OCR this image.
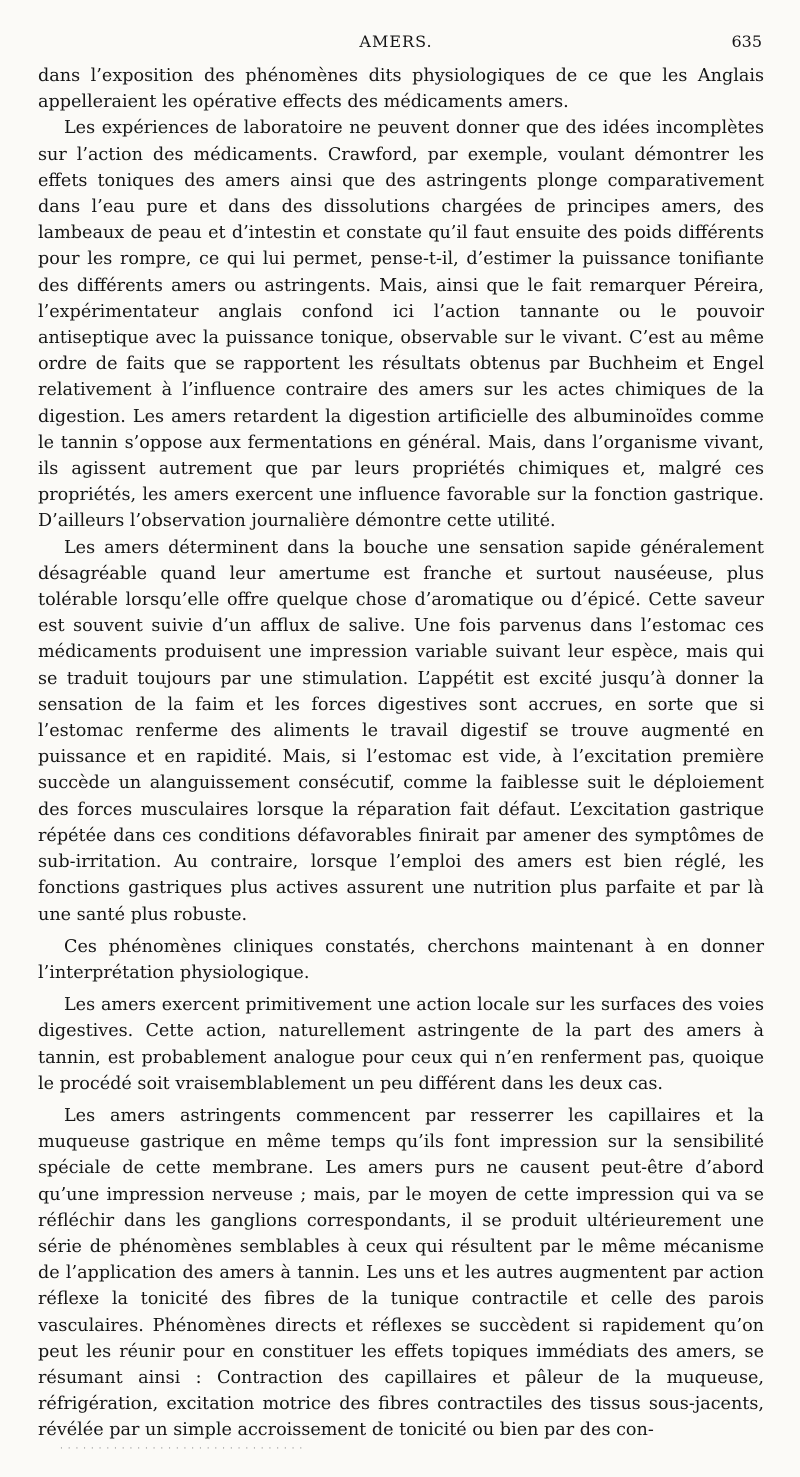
AMERS.	635

dans l’exposition des phénomènes dits physiologiques de ce que les Anglais appelleraient les opérative effects des médicaments amers.

Les expériences de laboratoire ne peuvent donner que des idées incomplètes sur l’action des médicaments. Crawford, par exemple, voulant démontrer les effets toniques des amers ainsi que des astringents plonge comparativement dans l’eau pure et dans des dissolutions chargées de principes amers, des lambeaux de peau et d’intestin et constate qu’il faut ensuite des poids différents pour les rompre, ce qui lui permet, pense-t-il, d’estimer la puissance tonifiante des différents amers ou astringents. Mais, ainsi que le fait remarquer Péreira, l’expérimentateur anglais confond ici l’action tannante ou le pouvoir antiseptique avec la puissance tonique, observable sur le vivant. C’est au même ordre de faits que se rapportent les résultats obtenus par Buchheim et Engel relativement à l’influence contraire des amers sur les actes chimiques de la digestion. Les amers retardent la digestion artificielle des albuminoïdes comme le tannin s’oppose aux fermentations en général. Mais, dans l’organisme vivant, ils agissent autrement que par leurs propriétés chimiques et, malgré ces propriétés, les amers exercent une influence favorable sur la fonction gastrique. D’ailleurs l’observation journalière démontre cette utilité.

Les amers déterminent dans la bouche une sensation sapide généralement désagréable quand leur amertume est franche et surtout nauséeuse, plus tolérable lorsqu’elle offre quelque chose d’aromatique ou d’épicé. Cette saveur est souvent suivie d’un afflux de salive. Une fois parvenus dans l’estomac ces médicaments produisent une impression variable suivant leur espèce, mais qui se traduit toujours par une stimulation. L’appétit est excité jusqu’à donner la sensation de la faim et les forces digestives sont accrues, en sorte que si l’estomac renferme des aliments le travail digestif se trouve augmenté en puissance et en rapidité. Mais, si l’estomac est vide, à l’excitation première succède un alanguissement consécutif, comme la faiblesse suit le déploiement des forces musculaires lorsque la réparation fait défaut. L’excitation gastrique répétée dans ces conditions défavorables finirait par amener des symptômes de sub-irritation. Au contraire, lorsque l’emploi des amers est bien réglé, les fonctions gastriques plus actives assurent une nutrition plus parfaite et par là une santé plus robuste.

Ces phénomènes cliniques constatés, cherchons maintenant à en donner l’interprétation physiologique.

Les amers exercent primitivement une action locale sur les surfaces des voies digestives. Cette action, naturellement astringente de la part des amers à tannin, est probablement analogue pour ceux qui n’en renferment pas, quoique le procédé soit vraisemblablement un peu différent dans les deux cas.

Les amers astringents commencent par resserrer les capillaires et la muqueuse gastrique en même temps qu’ils font impression sur la sensibilité spéciale de cette membrane. Les amers purs ne causent peut-être d’abord qu’une impression nerveuse ; mais, par le moyen de cette impression qui va se réfléchir dans les ganglions correspondants, il se produit ultérieurement une série de phénomènes semblables à ceux qui résultent par le même mécanisme de l’application des amers à tannin. Les uns et les autres augmentent par action réflexe la tonicité des fibres de la tunique contractile et celle des parois vasculaires. Phénomènes directs et réflexes se succèdent si rapidement qu’on peut les réunir pour en constituer les effets topiques immédiats des amers, se résumant ainsi : Contraction des capillaires et pâleur de la muqueuse, réfrigération, excitation motrice des fibres contractiles des tissus sous-jacents, révélée par un simple accroissement de tonicité ou bien par des con-

· · · · · · · · · · · · · · · · · · · · · · · · · · · · · · · ·
